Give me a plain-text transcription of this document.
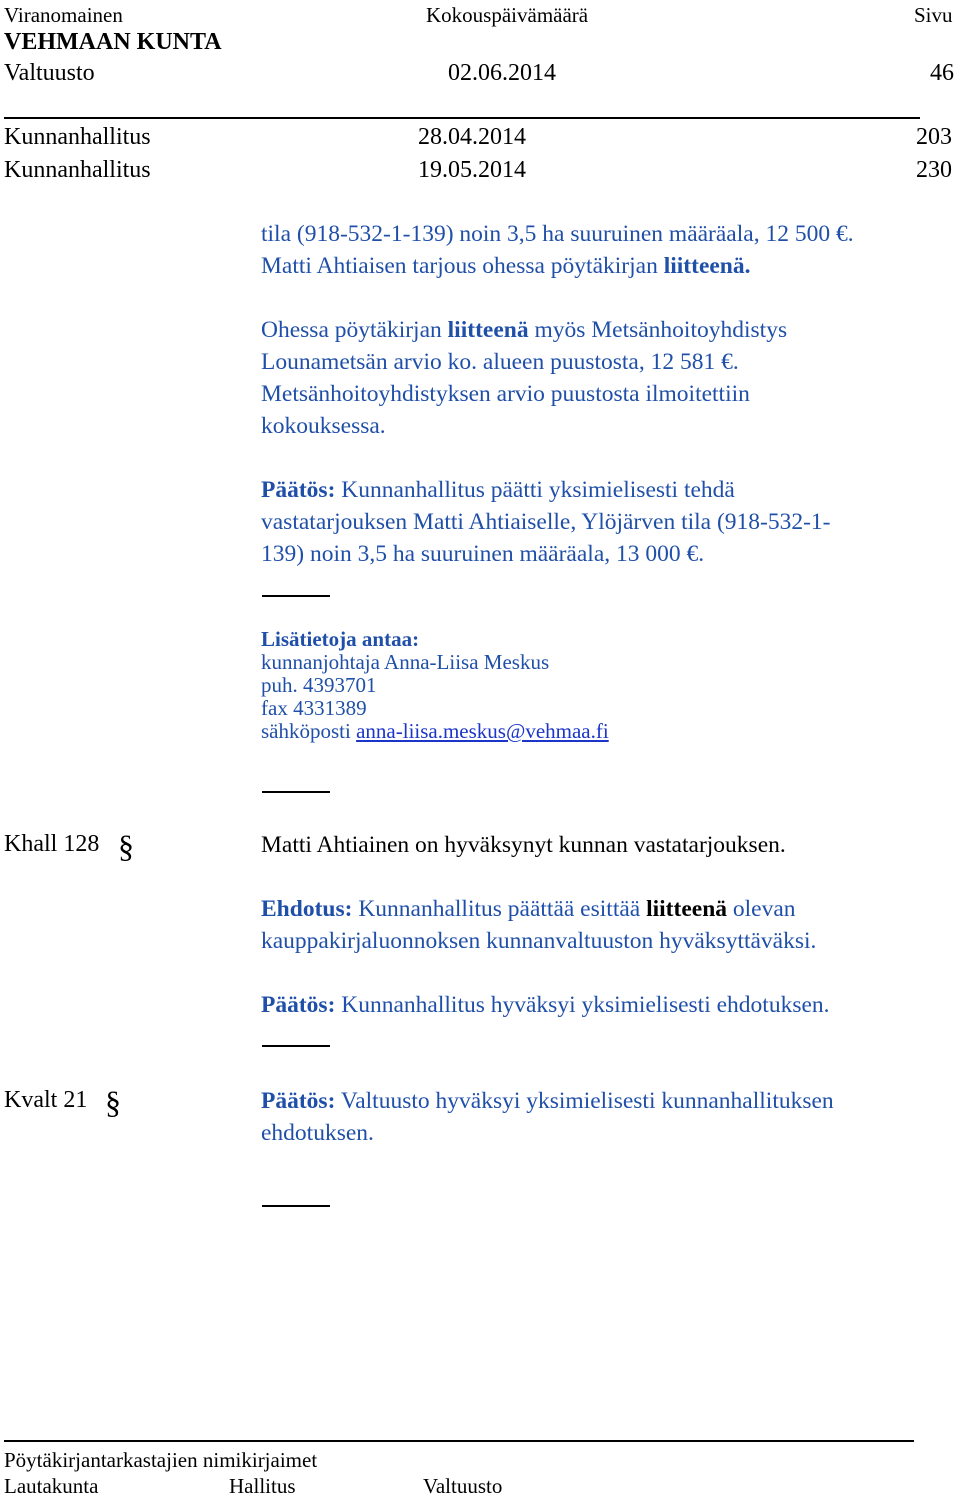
Viranomainen	Kokouspäivämäärä	Sivu
VEHMAAN KUNTA
Valtuusto	02.06.2014	46
Kunnanhallitus	28.04.2014	203
Kunnanhallitus	19.05.2014	230
tila (918-532-1-139) noin 3,5 ha suuruinen määräala, 12 500 €.
Matti Ahtiaisen tarjous ohessa pöytäkirjan liitteenä.
Ohessa pöytäkirjan liitteenä myös Metsänhoitoyhdistys
Lounametsän arvio ko. alueen puustosta, 12 581 €.
Metsänhoitoyhdistyksen arvio puustosta ilmoitettiin
kokouksessa.
Päätös: Kunnanhallitus päätti yksimielisesti tehdä
vastatarjouksen Matti Ahtiaiselle, Ylöjärven tila (918-532-1-
139) noin 3,5 ha suuruinen määräala, 13 000 €.
Lisätietoja antaa:
kunnanjohtaja Anna-Liisa Meskus
puh. 4393701
fax 4331389
sähköposti anna-liisa.meskus@vehmaa.fi
Khall 128 §	Matti Ahtiainen on hyväksynyt kunnan vastatarjouksen.
Ehdotus: Kunnanhallitus päättää esittää liitteenä olevan
kauppakirjaluonnoksen kunnanvaltuuston hyväksyttäväksi.
Päätös: Kunnanhallitus hyväksyi yksimielisesti ehdotuksen.
Kvalt 21 §	Päätös: Valtuusto hyväksyi yksimielisesti kunnanhallituksen
ehdotuksen.
Pöytäkirjantarkastajien nimikirjaimet
Lautakunta	Hallitus	Valtuusto
